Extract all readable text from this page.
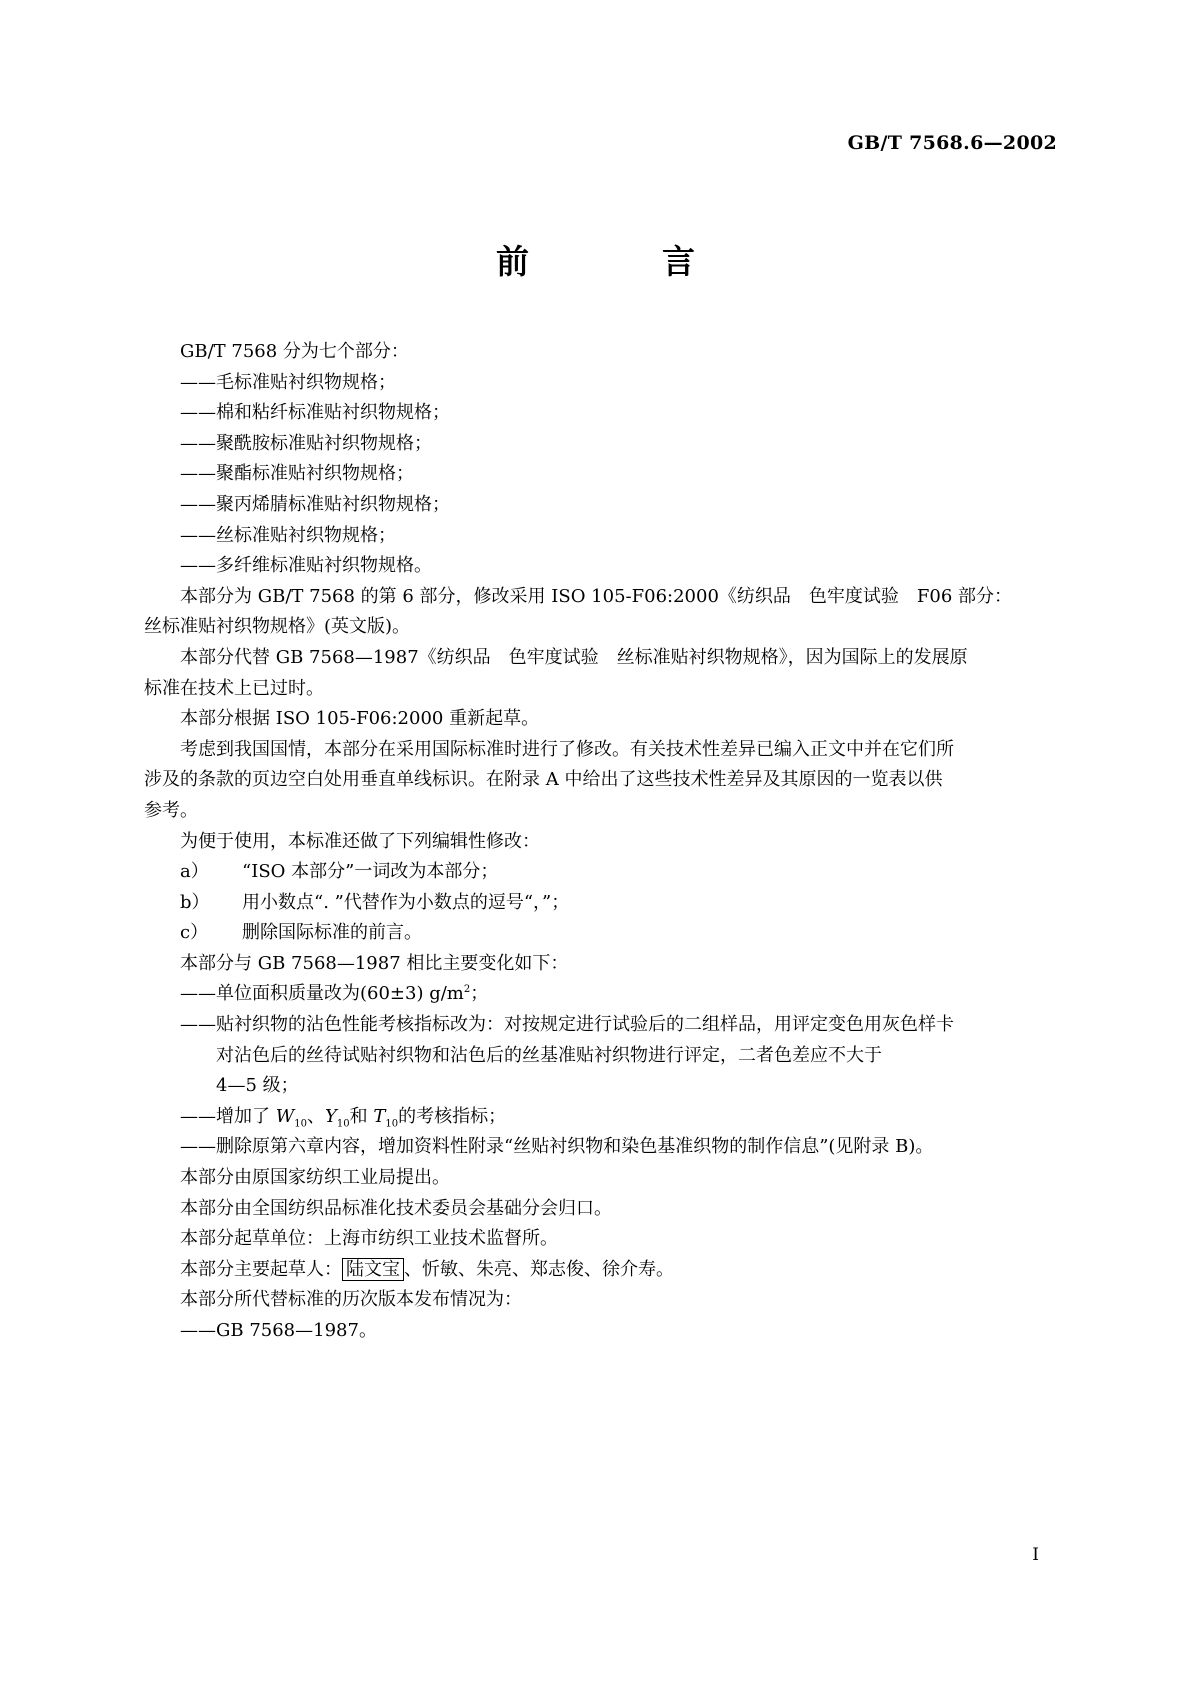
GB/T 7568.6—2002
前　言
GB/T 7568 分为七个部分：
——毛标准贴衬织物规格；
——棉和粘纤标准贴衬织物规格；
——聚酰胺标准贴衬织物规格；
——聚酯标准贴衬织物规格；
——聚丙烯腈标准贴衬织物规格；
——丝标准贴衬织物规格；
——多纤维标准贴衬织物规格。
本部分为 GB/T 7568 的第 6 部分，修改采用 ISO 105-F06:2000《纺织品　色牢度试验　F06 部分：
丝标准贴衬织物规格》(英文版)。
本部分代替 GB 7568—1987《纺织品　色牢度试验　丝标准贴衬织物规格》，因为国际上的发展原
标准在技术上已过时。
本部分根据 ISO 105-F06:2000 重新起草。
考虑到我国国情，本部分在采用国际标准时进行了修改。有关技术性差异已编入正文中并在它们所
涉及的条款的页边空白处用垂直单线标识。在附录 A 中给出了这些技术性差异及其原因的一览表以供
参考。
为便于使用，本标准还做了下列编辑性修改：
a） “ISO 本部分”一词改为本部分；
b） 用小数点“. ”代替作为小数点的逗号“，”；
c） 删除国际标准的前言。
本部分与 GB 7568—1987 相比主要变化如下：
——单位面积质量改为(60±3) $g/m^2$；
——贴衬织物的沾色性能考核指标改为：对按规定进行试验后的二组样品，用评定变色用灰色样卡
对沾色后的丝待试贴衬织物和沾色后的丝基准贴衬织物进行评定，二者色差应不大于
4—5 级；
——增加了 $W_{10}$、$Y_{10}$和 $T_{10}$的考核指标；
——删除原第六章内容，增加资料性附录“丝贴衬织物和染色基准织物的制作信息”(见附录 B)。
本部分由原国家纺织工业局提出。
本部分由全国纺织品标准化技术委员会基础分会归口。
本部分起草单位：上海市纺织工业技术监督所。
本部分主要起草人： 陆文宝 、忻敏、朱亮、郑志俊、徐介寿。
本部分所代替标准的历次版本发布情况为：
——GB 7568—1987。
I
